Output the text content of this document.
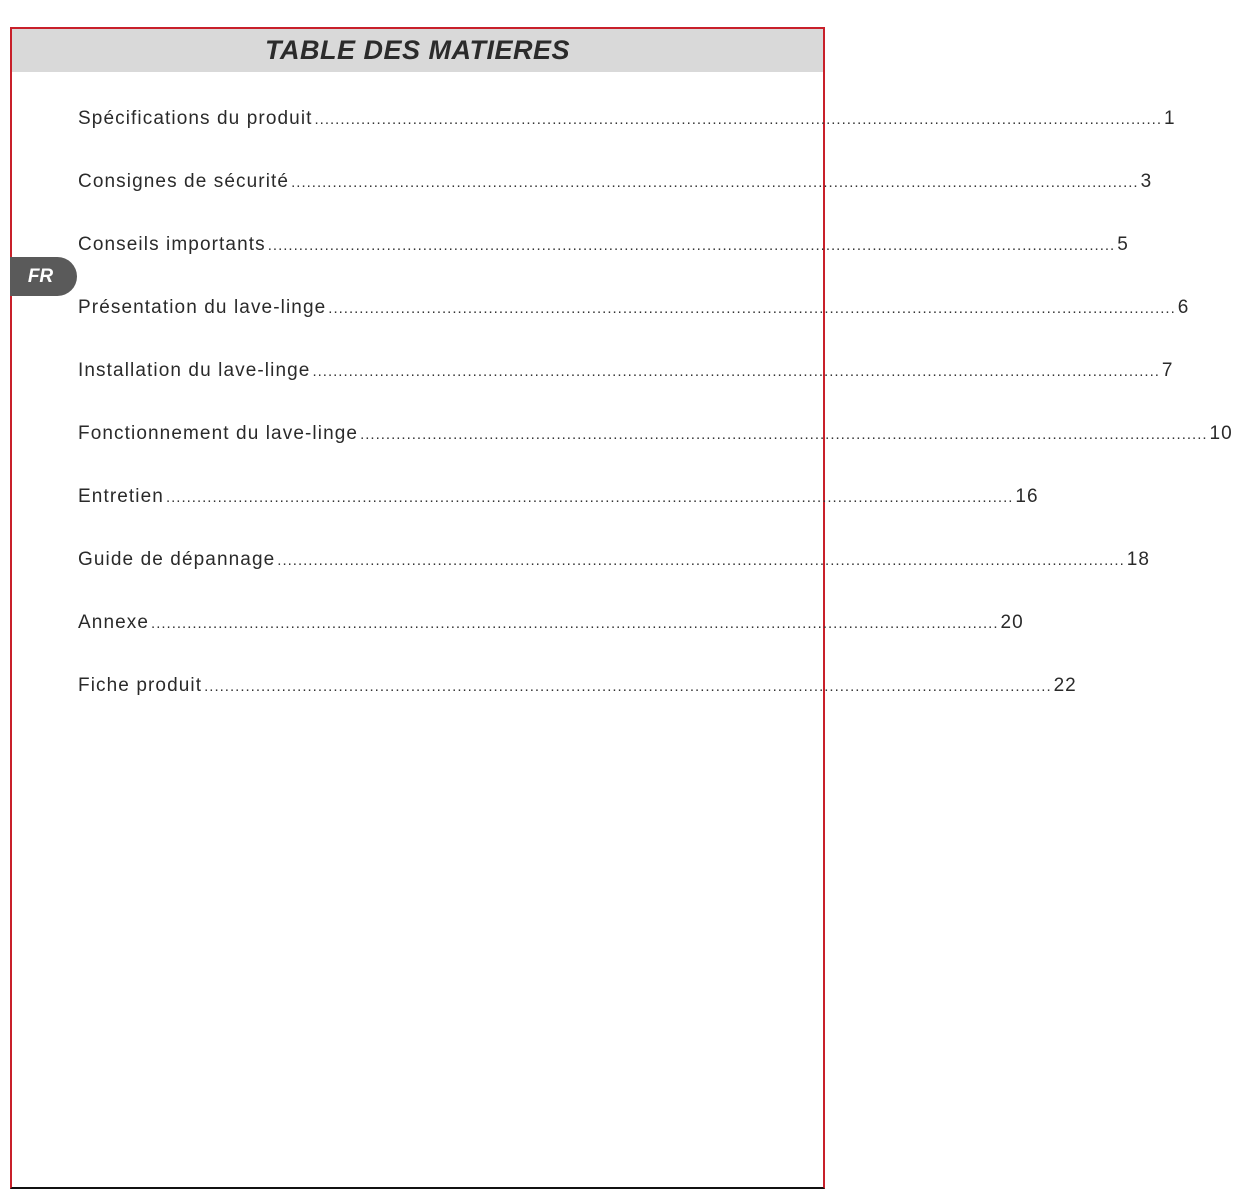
TABLE DES MATIERES
FR
Spécifications du produit .................................................................................................................................................................... 1
Consignes de sécurité .................................................................................................................................................................... 3
Conseils importants .................................................................................................................................................................... 5
Présentation du lave-linge .................................................................................................................................................................... 6
Installation du lave-linge .................................................................................................................................................................... 7
Fonctionnement du lave-linge .................................................................................................................................................................... 10
Entretien .................................................................................................................................................................... 16
Guide de dépannage .................................................................................................................................................................... 18
Annexe .................................................................................................................................................................... 20
Fiche produit .................................................................................................................................................................... 22
